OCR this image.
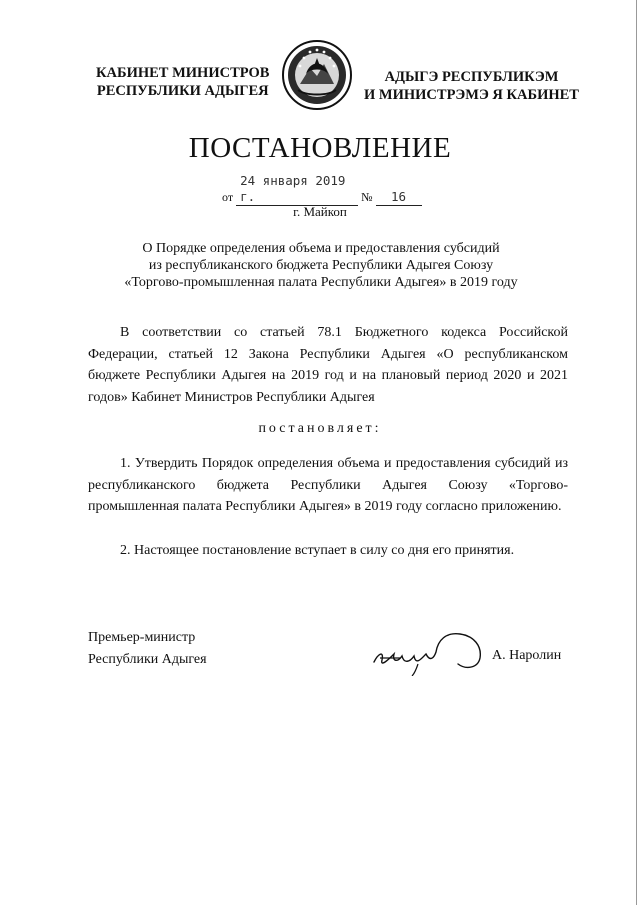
КАБИНЕТ МИНИСТРОВ
РЕСПУБЛИКИ АДЫГЕЯ
АДЫГЭ РЕСПУБЛИКЭМ
И МИНИСТРЭМЭ Я КАБИНЕТ
ПОСТАНОВЛЕНИЕ
от 24 января 2019 г.	№ 16
г. Майкоп
О Порядке определения объема и предоставления субсидий
из республиканского бюджета Республики Адыгея Союзу
«Торгово-промышленная палата Республики Адыгея» в 2019 году
В соответствии со статьей 78.1 Бюджетного кодекса Российской Федерации, статьей 12 Закона Республики Адыгея «О республиканском бюджете Республики Адыгея на 2019 год и на плановый период 2020 и 2021 годов» Кабинет Министров Республики Адыгея
постановляет:
1. Утвердить Порядок определения объема и предоставления субсидий из республиканского бюджета Республики Адыгея Союзу «Торгово-промышленная палата Республики Адыгея» в 2019 году согласно приложению.
2. Настоящее постановление вступает в силу со дня его принятия.
Премьер-министр
Республики Адыгея	А. Наролин
